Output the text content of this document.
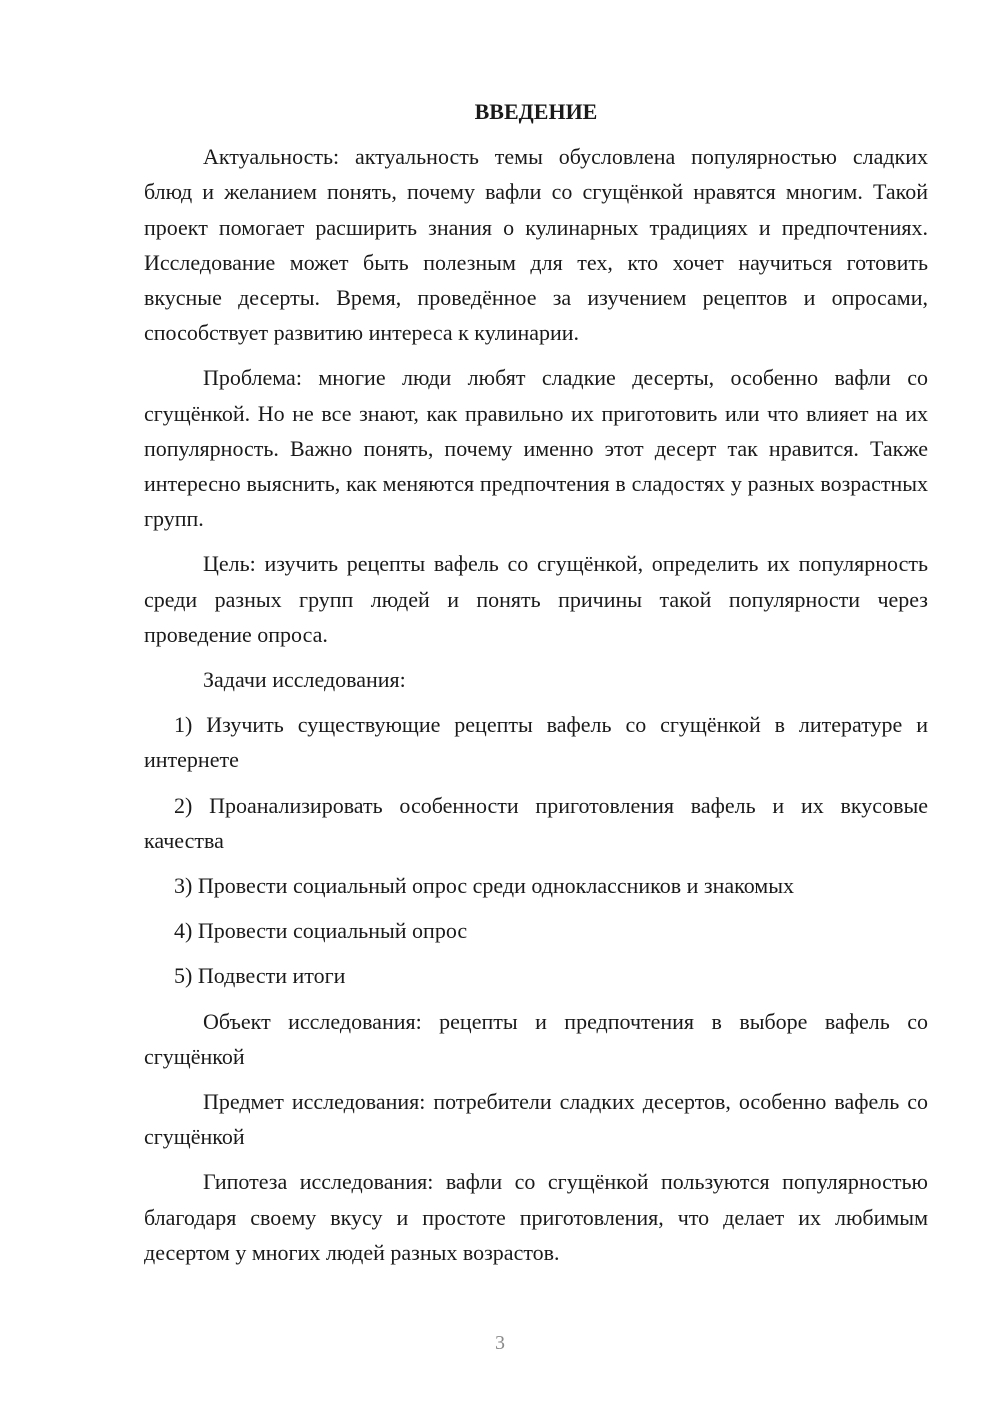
ВВЕДЕНИЕ

Актуальность: актуальность темы обусловлена популярностью сладких блюд и желанием понять, почему вафли со сгущёнкой нравятся многим. Такой проект помогает расширить знания о кулинарных традициях и предпочтениях. Исследование может быть полезным для тех, кто хочет научиться готовить вкусные десерты. Время, проведённое за изучением рецептов и опросами, способствует развитию интереса к кулинарии.

Проблема: многие люди любят сладкие десерты, особенно вафли со сгущёнкой. Но не все знают, как правильно их приготовить или что влияет на их популярность. Важно понять, почему именно этот десерт так нравится. Также интересно выяснить, как меняются предпочтения в сладостях у разных возрастных групп.

Цель: изучить рецепты вафель со сгущёнкой, определить их популярность среди разных групп людей и понять причины такой популярности через проведение опроса.

Задачи исследования:

1) Изучить существующие рецепты вафель со сгущёнкой в литературе и интернете

2) Проанализировать особенности приготовления вафель и их вкусовые качества

3) Провести социальный опрос среди одноклассников и знакомых

4) Провести социальный опрос

5) Подвести итоги

Объект исследования: рецепты и предпочтения в выборе вафель со сгущёнкой

Предмет исследования: потребители сладких десертов, особенно вафель со сгущёнкой

Гипотеза исследования: вафли со сгущёнкой пользуются популярностью благодаря своему вкусу и простоте приготовления, что делает их любимым десертом у многих людей разных возрастов.

3
